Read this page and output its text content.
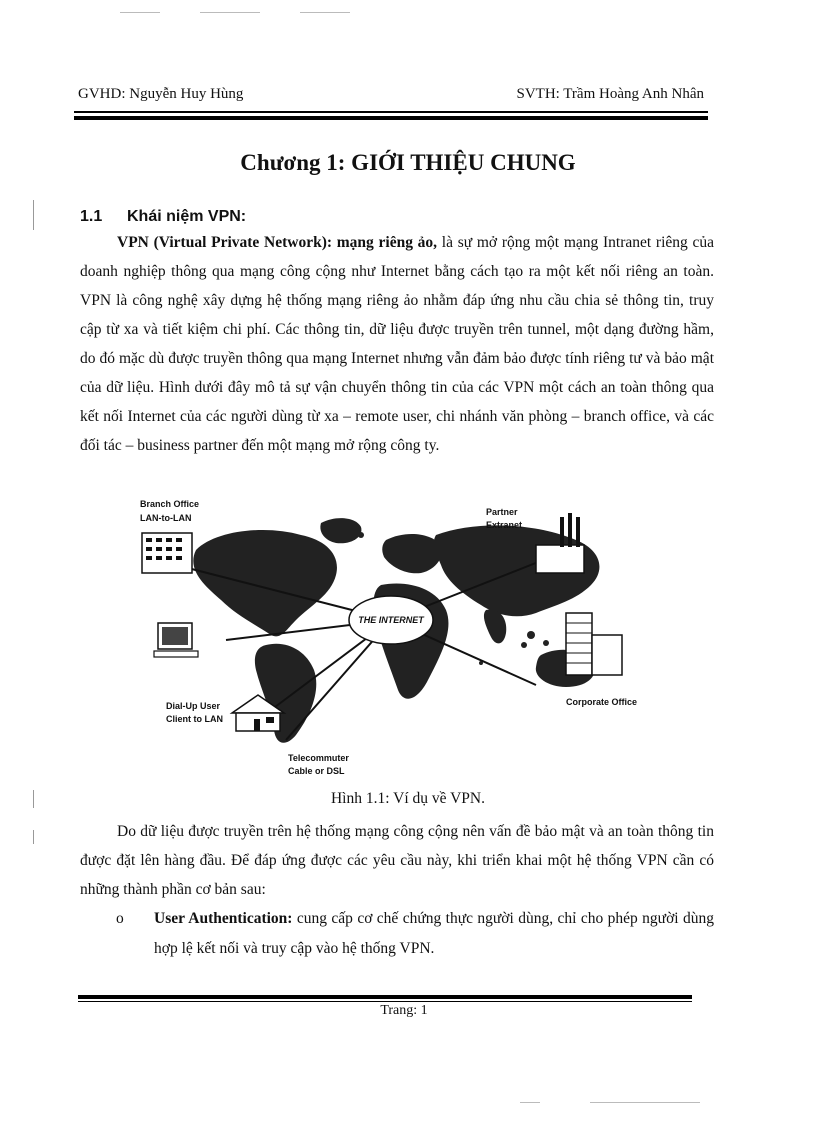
GVHD: Nguyễn Huy Hùng	SVTH: Trầm Hoàng Anh Nhân
Chương 1: GIỚI THIỆU CHUNG
1.1 Khái niệm VPN:
VPN (Virtual Private Network): mạng riêng ảo, là sự mở rộng một mạng Intranet riêng của doanh nghiệp thông qua mạng công cộng như Internet bằng cách tạo ra một kết nối riêng an toàn. VPN là công nghệ xây dựng hệ thống mạng riêng ảo nhằm đáp ứng nhu cầu chia sẻ thông tin, truy cập từ xa và tiết kiệm chi phí. Các thông tin, dữ liệu được truyền trên tunnel, một dạng đường hầm, do đó mặc dù được truyền thông qua mạng Internet nhưng vẫn đảm bảo được tính riêng tư và bảo mật của dữ liệu. Hình dưới đây mô tả sự vận chuyển thông tin của các VPN một cách an toàn thông qua kết nối Internet của các người dùng từ xa – remote user, chi nhánh văn phòng – branch office, và các đối tác – business partner đến một mạng mở rộng công ty.
THE INTERNET
Branch Office
LAN-to-LAN
Partner
Extranet
Dial-Up User
Client to LAN
Telecommuter
Cable or DSL
Corporate Office
Hình 1.1: Ví dụ về VPN.
Do dữ liệu được truyền trên hệ thống mạng công cộng nên vấn đề bảo mật và an toàn thông tin được đặt lên hàng đầu. Để đáp ứng được các yêu cầu này, khi triển khai một hệ thống VPN cần có những thành phần cơ bản sau:
o User Authentication: cung cấp cơ chế chứng thực người dùng, chỉ cho phép người dùng hợp lệ kết nối và truy cập vào hệ thống VPN.
Trang: 1
